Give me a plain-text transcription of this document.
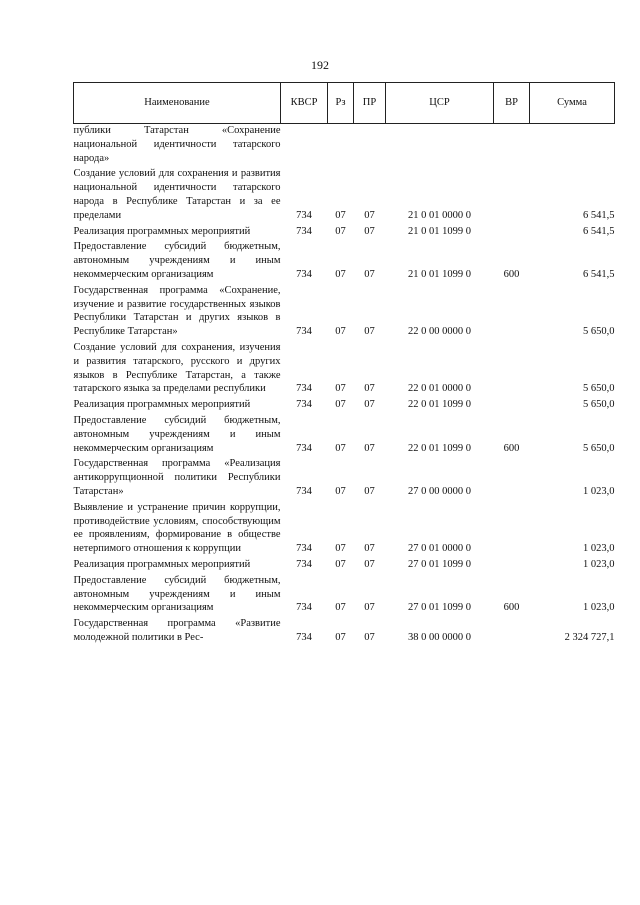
192
Наименование	КВСР	Рз	ПР	ЦСР	ВР	Сумма
публики Татарстан «Сохранение национальной идентичности татарского народа»						
Создание условий для сохранения и развития национальной идентичности татарского народа в Республике Татарстан и за ее пределами	734	07	07	21 0 01 0000 0		6 541,5
Реализация программных мероприятий	734	07	07	21 0 01 1099 0		6 541,5
Предоставление субсидий бюджетным, автономным учреждениям и иным некоммерческим организациям	734	07	07	21 0 01 1099 0	600	6 541,5
Государственная программа «Сохранение, изучение и развитие государственных языков Республики Татарстан и других языков в Республике Татарстан»	734	07	07	22 0 00 0000 0		5 650,0
Создание условий для сохранения, изучения и развития татарского, русского и других языков в Республике Татарстан, а также татарского языка за пределами республики	734	07	07	22 0 01 0000 0		5 650,0
Реализация программных мероприятий	734	07	07	22 0 01 1099 0		5 650,0
Предоставление субсидий бюджетным, автономным учреждениям и иным некоммерческим организациям	734	07	07	22 0 01 1099 0	600	5 650,0
Государственная программа «Реализация антикоррупционной политики Республики Татарстан»	734	07	07	27 0 00 0000 0		1 023,0
Выявление и устранение причин коррупции, противодействие условиям, способствующим ее проявлениям, формирование в обществе нетерпимого отношения к коррупции	734	07	07	27 0 01 0000 0		1 023,0
Реализация программных мероприятий	734	07	07	27 0 01 1099 0		1 023,0
Предоставление субсидий бюджетным, автономным учреждениям и иным некоммерческим организациям	734	07	07	27 0 01 1099 0	600	1 023,0
Государственная программа «Развитие молодежной политики в Рес-	734	07	07	38 0 00 0000 0		2 324 727,1
